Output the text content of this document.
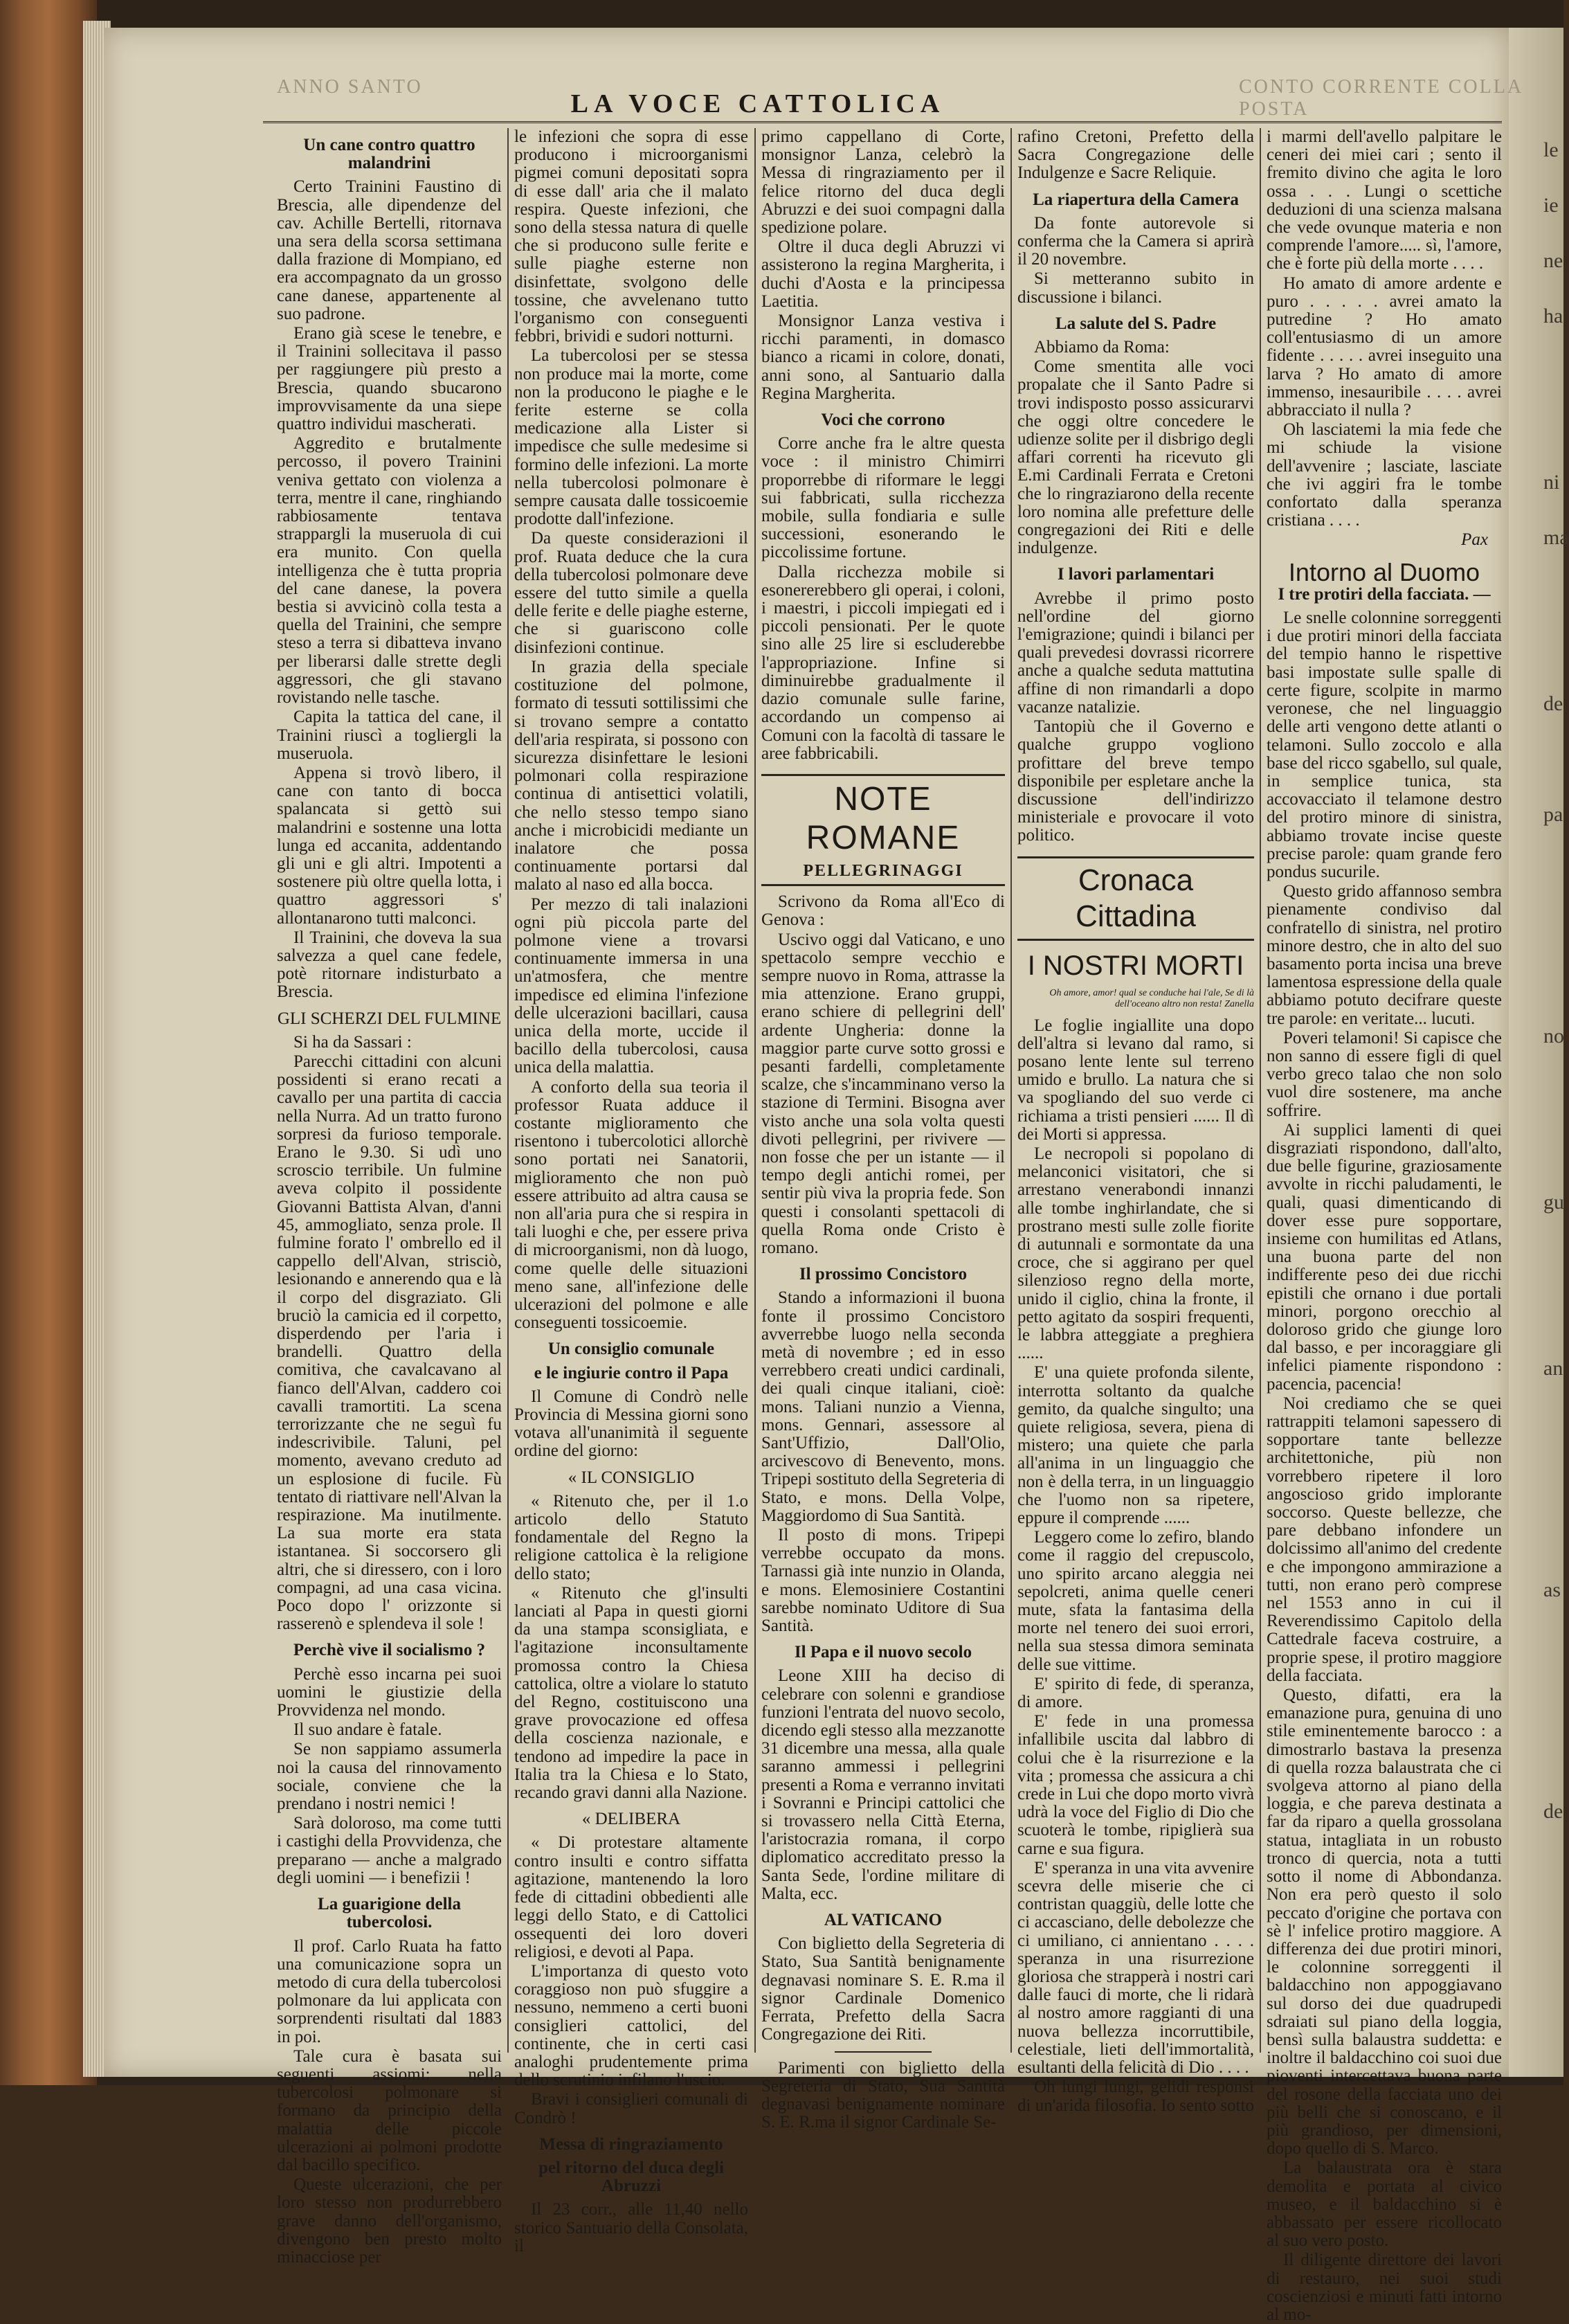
le
ie
ne
ha
ni
ma
de
pa
no
gu
an
as
de
ANNO SANTO	CONTO CORRENTE COLLA POSTA
LA VOCE CATTOLICA
Un cane contro quattro malandrini

Certo Trainini Faustino di Brescia, alle dipendenze del cav. Achille Bertelli, ritornava una sera della scorsa settimana dalla frazione di Mompiano, ed era accompagnato da un grosso cane danese, appartenente al suo padrone.

Erano già scese le tenebre, e il Trainini sollecitava il passo per raggiungere più presto a Brescia, quando sbucarono improvvisamente da una siepe quattro individui mascherati.

Aggredito e brutalmente percosso, il povero Trainini veniva gettato con violenza a terra, mentre il cane, ringhiando rabbiosamente tentava strappargli la museruola di cui era munito. Con quella intelligenza che è tutta propria del cane danese, la povera bestia si avvicinò colla testa a quella del Trainini, che sempre steso a terra si dibatteva invano per liberarsi dalle strette degli aggressori, che gli stavano rovistando nelle tasche.

Capita la tattica del cane, il Trainini riuscì a togliergli la museruola.

Appena si trovò libero, il cane con tanto di bocca spalancata si gettò sui malandrini e sostenne una lotta lunga ed accanita, addentando gli uni e gli altri. Impotenti a sostenere più oltre quella lotta, i quattro aggressori s' allontanarono tutti malconci.

Il Trainini, che doveva la sua salvezza a quel cane fedele, potè ritornare indisturbato a Brescia.

GLI SCHERZI DEL FULMINE

Si ha da Sassari :

Parecchi cittadini con alcuni possidenti si erano recati a cavallo per una partita di caccia nella Nurra. Ad un tratto furono sorpresi da furioso temporale. Erano le 9.30. Si udì uno scroscio terribile. Un fulmine aveva colpito il possidente Giovanni Battista Alvan, d'anni 45, ammogliato, senza prole. Il fulmine forato l' ombrello ed il cappello dell'Alvan, strisciò, lesionando e annerendo qua e là il corpo del disgraziato. Gli bruciò la camicia ed il corpetto, disperdendo per l'aria i brandelli. Quattro della comitiva, che cavalcavano al fianco dell'Alvan, caddero coi cavalli tramortiti. La scena terrorizzante che ne seguì fu indescrivibile. Taluni, pel momento, avevano creduto ad un esplosione di fucile. Fù tentato di riattivare nell'Alvan la respirazione. Ma inutilmente. La sua morte era stata istantanea. Si soccorsero gli altri, che si diressero, con i loro compagni, ad una casa vicina. Poco dopo l' orizzonte si rasserenò e splendeva il sole !

Perchè vive il socialismo ?

Perchè esso incarna pei suoi uomini le giustizie della Provvidenza nel mondo.

Il suo andare è fatale.

Se non sappiamo assumerla noi la causa del rinnovamento sociale, conviene che la prendano i nostri nemici !

Sarà doloroso, ma come tutti i castighi della Provvidenza, che preparano — anche a malgrado degli uomini — i benefizii !

La guarigione della tubercolosi.

Il prof. Carlo Ruata ha fatto una comunicazione sopra un metodo di cura della tubercolosi polmonare da lui applicata con sorprendenti risultati dal 1883 in poi.

Tale cura è basata sui seguenti assiomi: nella tubercolosi polmonare si formano da principio della malattia delle piccole ulcerazioni ai polmoni prodotte dal bacillo specifico.

Queste ulcerazioni, che per loro stesso non produrrebbero grave danno dell'organismo, divengono ben presto molto minacciose per

le infezioni che sopra di esse producono i microorganismi pigmei comuni depositati sopra di esse dall' aria che il malato respira. Queste infezioni, che sono della stessa natura di quelle che si producono sulle ferite e sulle piaghe esterne non disinfettate, svolgono delle tossine, che avvelenano tutto l'organismo con conseguenti febbri, brividi e sudori notturni.

La tubercolosi per se stessa non produce mai la morte, come non la producono le piaghe e le ferite esterne se colla medicazione alla Lister si impedisce che sulle medesime si formino delle infezioni. La morte nella tubercolosi polmonare è sempre causata dalle tossicoemie prodotte dall'infezione.

Da queste considerazioni il prof. Ruata deduce che la cura della tubercolosi polmonare deve essere del tutto simile a quella delle ferite e delle piaghe esterne, che si guariscono colle disinfezioni continue.

In grazia della speciale costituzione del polmone, formato di tessuti sottilissimi che si trovano sempre a contatto dell'aria respirata, si possono con sicurezza disinfettare le lesioni polmonari colla respirazione continua di antisettici volatili, che nello stesso tempo siano anche i microbicidi mediante un inalatore che possa continuamente portarsi dal malato al naso ed alla bocca.

Per mezzo di tali inalazioni ogni più piccola parte del polmone viene a trovarsi continuamente immersa in una un'atmosfera, che mentre impedisce ed elimina l'infezione delle ulcerazioni bacillari, causa unica della morte, uccide il bacillo della tubercolosi, causa unica della malattia.

A conforto della sua teoria il professor Ruata adduce il costante miglioramento che risentono i tubercolotici allorchè sono portati nei Sanatorii, miglioramento che non può essere attribuito ad altra causa se non all'aria pura che si respira in tali luoghi e che, per essere priva di microorganismi, non dà luogo, come quelle delle situazioni meno sane, all'infezione delle ulcerazioni del polmone e alle conseguenti tossicoemie.

Un consiglio comunale
e le ingiurie contro il Papa

Il Comune di Condrò nelle Provincia di Messina giorni sono votava all'unanimità il seguente ordine del giorno:

« IL CONSIGLIO

« Ritenuto che, per il 1.o articolo dello Statuto fondamentale del Regno la religione cattolica è la religione dello stato;

« Ritenuto che gl'insulti lanciati al Papa in questi giorni da una stampa sconsigliata, e l'agitazione inconsultamente promossa contro la Chiesa cattolica, oltre a violare lo statuto del Regno, costituiscono una grave provocazione ed offesa della coscienza nazionale, e tendono ad impedire la pace in Italia tra la Chiesa e lo Stato, recando gravi danni alla Nazione.

« DELIBERA

« Di protestare altamente contro insulti e contro siffatta agitazione, mantenendo la loro fede di cittadini obbedienti alle leggi dello Stato, e di Cattolici ossequenti dei loro doveri religiosi, e devoti al Papa.

L'importanza di questo voto coraggioso non può sfuggire a nessuno, nemmeno a certi buoni consiglieri cattolici, del continente, che in certi casi analoghi prudentemente prima dello scrutinio infilano l'uscio.

Bravi i consiglieri comunali di Condrò !

Messa di ringraziamento
pel ritorno del duca degli Abruzzi

Il 23 corr., alle 11,40 nello storico Santuario della Consolata, il

primo cappellano di Corte, monsignor Lanza, celebrò la Messa di ringraziamento per il felice ritorno del duca degli Abruzzi e dei suoi compagni dalla spedizione polare.

Oltre il duca degli Abruzzi vi assisterono la regina Margherita, i duchi d'Aosta e la principessa Laetitia.

Monsignor Lanza vestiva i ricchi paramenti, in domasco bianco a ricami in colore, donati, anni sono, al Santuario dalla Regina Margherita.

Voci che corrono

Corre anche fra le altre questa voce : il ministro Chimirri proporrebbe di riformare le leggi sui fabbricati, sulla ricchezza mobile, sulla fondiaria e sulle successioni, esonerando le piccolissime fortune.

Dalla ricchezza mobile si esonererebbero gli operai, i coloni, i maestri, i piccoli impiegati ed i piccoli pensionati. Per le quote sino alle 25 lire si escluderebbe l'appropriazione. Infine si diminuirebbe gradualmente il dazio comunale sulle farine, accordando un compenso ai Comuni con la facoltà di tassare le aree fabbricabili.

NOTE ROMANE
PELLEGRINAGGI

Scrivono da Roma all'Eco di Genova :

Uscivo oggi dal Vaticano, e uno spettacolo sempre vecchio e sempre nuovo in Roma, attrasse la mia attenzione. Erano gruppi, erano schiere di pellegrini dell' ardente Ungheria: donne la maggior parte curve sotto grossi e pesanti fardelli, completamente scalze, che s'incamminano verso la stazione di Termini. Bisogna aver visto anche una sola volta questi divoti pellegrini, per rivivere — non fosse che per un istante — il tempo degli antichi romei, per sentir più viva la propria fede. Son questi i consolanti spettacoli di quella Roma onde Cristo è romano.

Il prossimo Concistoro

Stando a informazioni il buona fonte il prossimo Concistoro avverrebbe luogo nella seconda metà di novembre ; ed in esso verrebbero creati undici cardinali, dei quali cinque italiani, cioè: mons. Taliani nunzio a Vienna, mons. Gennari, assessore al Sant'Uffizio, Dall'Olio, arcivescovo di Benevento, mons. Tripepi sostituto della Segreteria di Stato, e mons. Della Volpe, Maggiordomo di Sua Santità.

Il posto di mons. Tripepi verrebbe occupato da mons. Tarnassi già inte nunzio in Olanda, e mons. Elemosiniere Costantini sarebbe nominato Uditore di Sua Santità.

Il Papa e il nuovo secolo

Leone XIII ha deciso di celebrare con solenni e grandiose funzioni l'entrata del nuovo secolo, dicendo egli stesso alla mezzanotte 31 dicembre una messa, alla quale saranno ammessi i pellegrini presenti a Roma e verranno invitati i Sovranni e Principi cattolici che si trovassero nella Città Eterna, l'aristocrazia romana, il corpo diplomatico accreditato presso la Santa Sede, l'ordine militare di Malta, ecc.

AL VATICANO

Con biglietto della Segreteria di Stato, Sua Santità benignamente degnavasi nominare S. E. R.ma il signor Cardinale Domenico Ferrata, Prefetto della Sacra Congregazione dei Riti.

Parimenti con biglietto della Segreteria di Stato, Sua Santità degnavasi benignamente nominare S. E. R.ma il signor Cardinale Se-

rafino Cretoni, Prefetto della Sacra Congregazione delle Indulgenze e Sacre Reliquie.

La riapertura della Camera

Da fonte autorevole si conferma che la Camera si aprirà il 20 novembre.

Si metteranno subito in discussione i bilanci.

La salute del S. Padre

Abbiamo da Roma:

Come smentita alle voci propalate che il Santo Padre si trovi indisposto posso assicurarvi che oggi oltre concedere le udienze solite per il disbrigo degli affari correnti ha ricevuto gli E.mi Cardinali Ferrata e Cretoni che lo ringraziarono della recente loro nomina alle prefetture delle congregazioni dei Riti e delle indulgenze.

I lavori parlamentari

Avrebbe il primo posto nell'ordine del giorno l'emigrazione; quindi i bilanci per quali prevedesi dovrassi ricorrere anche a qualche seduta mattutina affine di non rimandarli a dopo vacanze natalizie.

Tantopiù che il Governo e qualche gruppo vogliono profittare del breve tempo disponibile per espletare anche la discussione dell'indirizzo ministeriale e provocare il voto politico.

Cronaca Cittadina
I NOSTRI MORTI
Oh amore, amor! qual se conduche hai l'ale, Se di là dell'oceano altro non resta! Zanella

Le foglie ingiallite una dopo dell'altra si levano dal ramo, si posano lente lente sul terreno umido e brullo. La natura che si va spogliando del suo verde ci richiama a tristi pensieri ...... Il dì dei Morti si appressa.

Le necropoli si popolano di melanconici visitatori, che si arrestano venerabondi innanzi alle tombe inghirlandate, che si prostrano mesti sulle zolle fiorite di autunnali e sormontate da una croce, che si aggirano per quel silenzioso regno della morte, unido il ciglio, china la fronte, il petto agitato da sospiri frequenti, le labbra atteggiate a preghiera ......

E' una quiete profonda silente, interrotta soltanto da qualche gemito, da qualche singulto; una quiete religiosa, severa, piena di mistero; una quiete che parla all'anima in un linguaggio che non è della terra, in un linguaggio che l'uomo non sa ripetere, eppure il comprende ......

Leggero come lo zefiro, blando come il raggio del crepuscolo, uno spirito arcano aleggia nei sepolcreti, anima quelle ceneri mute, sfata la fantasima della morte nel tenero dei suoi errori, nella sua stessa dimora seminata delle sue vittime.

E' spirito di fede, di speranza, di amore.

E' fede in una promessa infallibile uscita dal labbro di colui che è la risurrezione e la vita ; promessa che assicura a chi crede in Lui che dopo morto vivrà udrà la voce del Figlio di Dio che scuoterà le tombe, ripiglierà sua carne e sua figura.

E' speranza in una vita avvenire scevra delle miserie che ci contristan quaggiù, delle lotte che ci accasciano, delle debolezze che ci umiliano, ci annientano . . . . speranza in una risurrezione gloriosa che strapperà i nostri cari dalle fauci di morte, che li ridarà al nostro amore raggianti di una nuova bellezza incorruttibile, celestiale, lieti dell'immortalità, esultanti della felicità di Dio . . . .

Oh lungi lungi, gelidi responsi di un'arida filosofia. Io sento sotto

i marmi dell'avello palpitare le ceneri dei miei cari ; sento il fremito divino che agita le loro ossa . . . Lungi o scettiche deduzioni di una scienza malsana che vede ovunque materia e non comprende l'amore..... sì, l'amore, che è forte più della morte . . . .

Ho amato di amore ardente e puro . . . . . avrei amato la putredine ? Ho amato coll'entusiasmo di un amore fidente . . . . . avrei inseguito una larva ? Ho amato di amore immenso, inesauribile . . . . avrei abbracciato il nulla ?

Oh lasciatemi la mia fede che mi schiude la visione dell'avvenire ; lasciate, lasciate che ivi aggiri fra le tombe confortato dalla speranza cristiana . . . .

Pax
Intorno al Duomo
I tre protiri della facciata. —

Le snelle colonnine sorreggenti i due protiri minori della facciata del tempio hanno le rispettive basi impostate sulle spalle di certe figure, scolpite in marmo veronese, che nel linguaggio delle arti vengono dette atlanti o telamoni. Sullo zoccolo e alla base del ricco sgabello, sul quale, in semplice tunica, sta accovacciato il telamone destro del protiro minore di sinistra, abbiamo trovate incise queste precise parole: quam grande fero pondus sucurile.

Questo grido affannoso sembra pienamente condiviso dal confratello di sinistra, nel protiro minore destro, che in alto del suo basamento porta incisa una breve lamentosa espressione della quale abbiamo potuto decifrare queste tre parole: en veritate... lucuti.

Poveri telamoni! Si capisce che non sanno di essere figli di quel verbo greco talao che non solo vuol dire sostenere, ma anche soffrire.

Ai supplici lamenti di quei disgraziati rispondono, dall'alto, due belle figurine, graziosamente avvolte in ricchi paludamenti, le quali, quasi dimenticando di dover esse pure sopportare, insieme con humilitas ed Atlans, una buona parte del non indifferente peso dei due ricchi epistili che ornano i due portali minori, porgono orecchio al doloroso grido che giunge loro dal basso, e per incoraggiare gli infelici piamente rispondono : pacencia, pacencia!

Noi crediamo che se quei rattrappiti telamoni sapessero di sopportare tante bellezze architettoniche, più non vorrebbero ripetere il loro angoscioso grido implorante soccorso. Queste bellezze, che pare debbano infondere un dolcissimo all'animo del credente e che impongono ammirazione a tutti, non erano però comprese nel 1553 anno in cui il Reverendissimo Capitolo della Cattedrale faceva costruire, a proprie spese, il protiro maggiore della facciata.

Questo, difatti, era la emanazione pura, genuina di uno stile eminentemente barocco : a dimostrarlo bastava la presenza di quella rozza balaustrata che ci svolgeva attorno al piano della loggia, e che pareva destinata a far da riparo a quella grossolana statua, intagliata in un robusto tronco di quercia, nota a tutti sotto il nome di Abbondanza. Non era però questo il solo peccato d'origine che portava con sè l' infelice protiro maggiore. A differenza dei due protiri minori, le colonnine sorreggenti il baldacchino non appoggiavano sul dorso dei due quadrupedi sdraiati sul piano della loggia, bensì sulla balaustra suddetta: e inoltre il baldacchino coi suoi due pioventi intercettava buona parte del rosone della facciata uno dei più belli che si conoscano, e il più grandioso, per dimensioni, dopo quello di S. Marco.

La balaustrata ora è stara demolita e portata al civico museo, e il baldacchino si è abbassato per essere ricollocato al suo vero posto.

Il diligente direttore dei lavori di restauro, nei suoi studi coscienziosi e minuti fatti intorno al mo-
